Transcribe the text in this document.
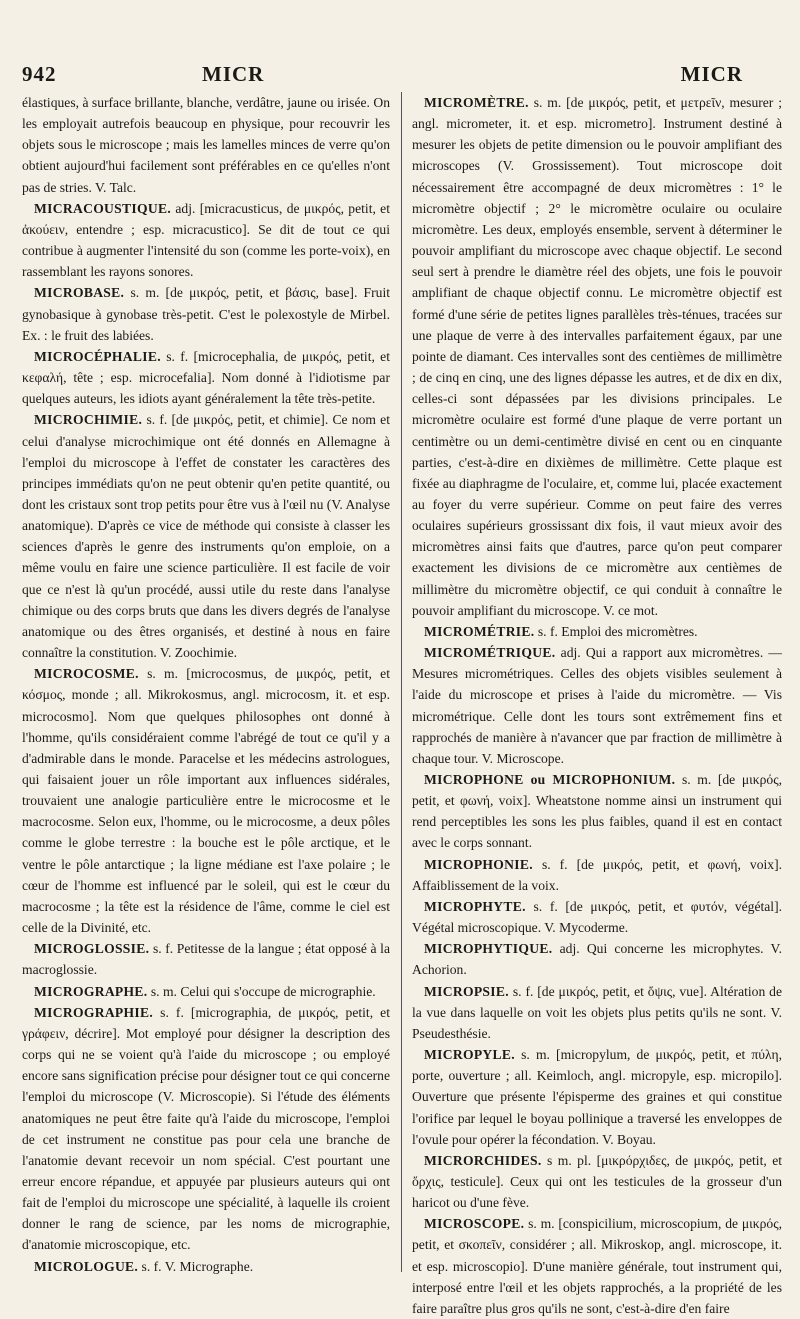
942	MICR	MICR

élastiques, à surface brillante, blanche, verdâtre, jaune ou irisée. On les employait autrefois beaucoup en physique, pour recouvrir les objets sous le microscope ; mais les lamelles minces de verre qu'on obtient aujourd'hui facilement sont préférables en ce qu'elles n'ont pas de stries. V. Talc.

MICRACOUSTIQUE. adj. [micracusticus, de μικρός, petit, et ἀκούειν, entendre ; esp. micracustico]. Se dit de tout ce qui contribue à augmenter l'intensité du son (comme les porte-voix), en rassemblant les rayons sonores.

MICROBASE. s. m. [de μικρός, petit, et βάσις, base]. Fruit gynobasique à gynobase très-petit. C'est le polexostyle de Mirbel. Ex. : le fruit des labiées.

MICROCÉPHALIE. s. f. [microcephalia, de μικρός, petit, et κεφαλή, tête ; esp. microcefalia]. Nom donné à l'idiotisme par quelques auteurs, les idiots ayant généralement la tête très-petite.

MICROCHIMIE. s. f. [de μικρός, petit, et chimie]. Ce nom et celui d'analyse microchimique ont été donnés en Allemagne à l'emploi du microscope à l'effet de constater les caractères des principes immédiats qu'on ne peut obtenir qu'en petite quantité, ou dont les cristaux sont trop petits pour être vus à l'œil nu (V. Analyse anatomique). D'après ce vice de méthode qui consiste à classer les sciences d'après le genre des instruments qu'on emploie, on a même voulu en faire une science particulière. Il est facile de voir que ce n'est là qu'un procédé, aussi utile du reste dans l'analyse chimique ou des corps bruts que dans les divers degrés de l'analyse anatomique ou des êtres organisés, et destiné à nous en faire connaître la constitution. V. Zoochimie.

MICROCOSME. s. m. [microcosmus, de μικρός, petit, et κόσμος, monde ; all. Mikrokosmus, angl. microcosm, it. et esp. microcosmo]. Nom que quelques philosophes ont donné à l'homme, qu'ils considéraient comme l'abrégé de tout ce qu'il y a d'admirable dans le monde. Paracelse et les médecins astrologues, qui faisaient jouer un rôle important aux influences sidérales, trouvaient une analogie particulière entre le microcosme et le macrocosme. Selon eux, l'homme, ou le microcosme, a deux pôles comme le globe terrestre : la bouche est le pôle arctique, et le ventre le pôle antarctique ; la ligne médiane est l'axe polaire ; le cœur de l'homme est influencé par le soleil, qui est le cœur du macrocosme ; la tête est la résidence de l'âme, comme le ciel est celle de la Divinité, etc.

MICROGLOSSIE. s. f. Petitesse de la langue ; état opposé à la macroglossie.

MICROGRAPHE. s. m. Celui qui s'occupe de micrographie.

MICROGRAPHIE. s. f. [micrographia, de μικρός, petit, et γράφειν, décrire]. Mot employé pour désigner la description des corps qui ne se voient qu'à l'aide du microscope ; ou employé encore sans signification précise pour désigner tout ce qui concerne l'emploi du microscope (V. Microscopie). Si l'étude des éléments anatomiques ne peut être faite qu'à l'aide du microscope, l'emploi de cet instrument ne constitue pas pour cela une branche de l'anatomie devant recevoir un nom spécial. C'est pourtant une erreur encore répandue, et appuyée par plusieurs auteurs qui ont fait de l'emploi du microscope une spécialité, à laquelle ils croient donner le rang de science, par les noms de micrographie, d'anatomie microscopique, etc.

MICROLOGUE. s. f. V. Micrographe.

MICROMÈTRE. s. m. [de μικρός, petit, et μετρεῖν, mesurer ; angl. micrometer, it. et esp. micrometro]. Instrument destiné à mesurer les objets de petite dimension ou le pouvoir amplifiant des microscopes (V. Grossissement). Tout microscope doit nécessairement être accompagné de deux micromètres : 1° le micromètre objectif ; 2° le micromètre oculaire ou oculaire micromètre. Les deux, employés ensemble, servent à déterminer le pouvoir amplifiant du microscope avec chaque objectif. Le second seul sert à prendre le diamètre réel des objets, une fois le pouvoir amplifiant de chaque objectif connu. Le micromètre objectif est formé d'une série de petites lignes parallèles très-ténues, tracées sur une plaque de verre à des intervalles parfaitement égaux, par une pointe de diamant. Ces intervalles sont des centièmes de millimètre ; de cinq en cinq, une des lignes dépasse les autres, et de dix en dix, celles-ci sont dépassées par les divisions principales. Le micromètre oculaire est formé d'une plaque de verre portant un centimètre ou un demi-centimètre divisé en cent ou en cinquante parties, c'est-à-dire en dixièmes de millimètre. Cette plaque est fixée au diaphragme de l'oculaire, et, comme lui, placée exactement au foyer du verre supérieur. Comme on peut faire des verres oculaires supérieurs grossissant dix fois, il vaut mieux avoir des micromètres ainsi faits que d'autres, parce qu'on peut comparer exactement les divisions de ce micromètre aux centièmes de millimètre du micromètre objectif, ce qui conduit à connaître le pouvoir amplifiant du microscope. V. ce mot.

MICROMÉTRIE. s. f. Emploi des micromètres.

MICROMÉTRIQUE. adj. Qui a rapport aux micromètres. — Mesures micrométriques. Celles des objets visibles seulement à l'aide du microscope et prises à l'aide du micromètre. — Vis micrométrique. Celle dont les tours sont extrêmement fins et rapprochés de manière à n'avancer que par fraction de millimètre à chaque tour. V. Microscope.

MICROPHONE ou MICROPHONIUM. s. m. [de μικρός, petit, et φωνή, voix]. Wheatstone nomme ainsi un instrument qui rend perceptibles les sons les plus faibles, quand il est en contact avec le corps sonnant.

MICROPHONIE. s. f. [de μικρός, petit, et φωνή, voix]. Affaiblissement de la voix.

MICROPHYTE. s. f. [de μικρός, petit, et φυτόν, végétal]. Végétal microscopique. V. Mycoderme.

MICROPHYTIQUE. adj. Qui concerne les microphytes. V. Achorion.

MICROPSIE. s. f. [de μικρός, petit, et ὄψις, vue]. Altération de la vue dans laquelle on voit les objets plus petits qu'ils ne sont. V. Pseudesthésie.

MICROPYLE. s. m. [micropylum, de μικρός, petit, et πύλη, porte, ouverture ; all. Keimloch, angl. micropyle, esp. micropilo]. Ouverture que présente l'épisperme des graines et qui constitue l'orifice par lequel le boyau pollinique a traversé les enveloppes de l'ovule pour opérer la fécondation. V. Boyau.

MICRORCHIDES. s m. pl. [μικρόρχιδες, de μικρός, petit, et ὄρχις, testicule]. Ceux qui ont les testicules de la grosseur d'un haricot ou d'une fève.

MICROSCOPE. s. m. [conspicilium, microscopium, de μικρός, petit, et σκοπεῖν, considérer ; all. Mikroskop, angl. microscope, it. et esp. microscopio]. D'une manière générale, tout instrument qui, interposé entre l'œil et les objets rapprochés, a la propriété de les faire paraître plus gros qu'ils ne sont, c'est-à-dire d'en faire
